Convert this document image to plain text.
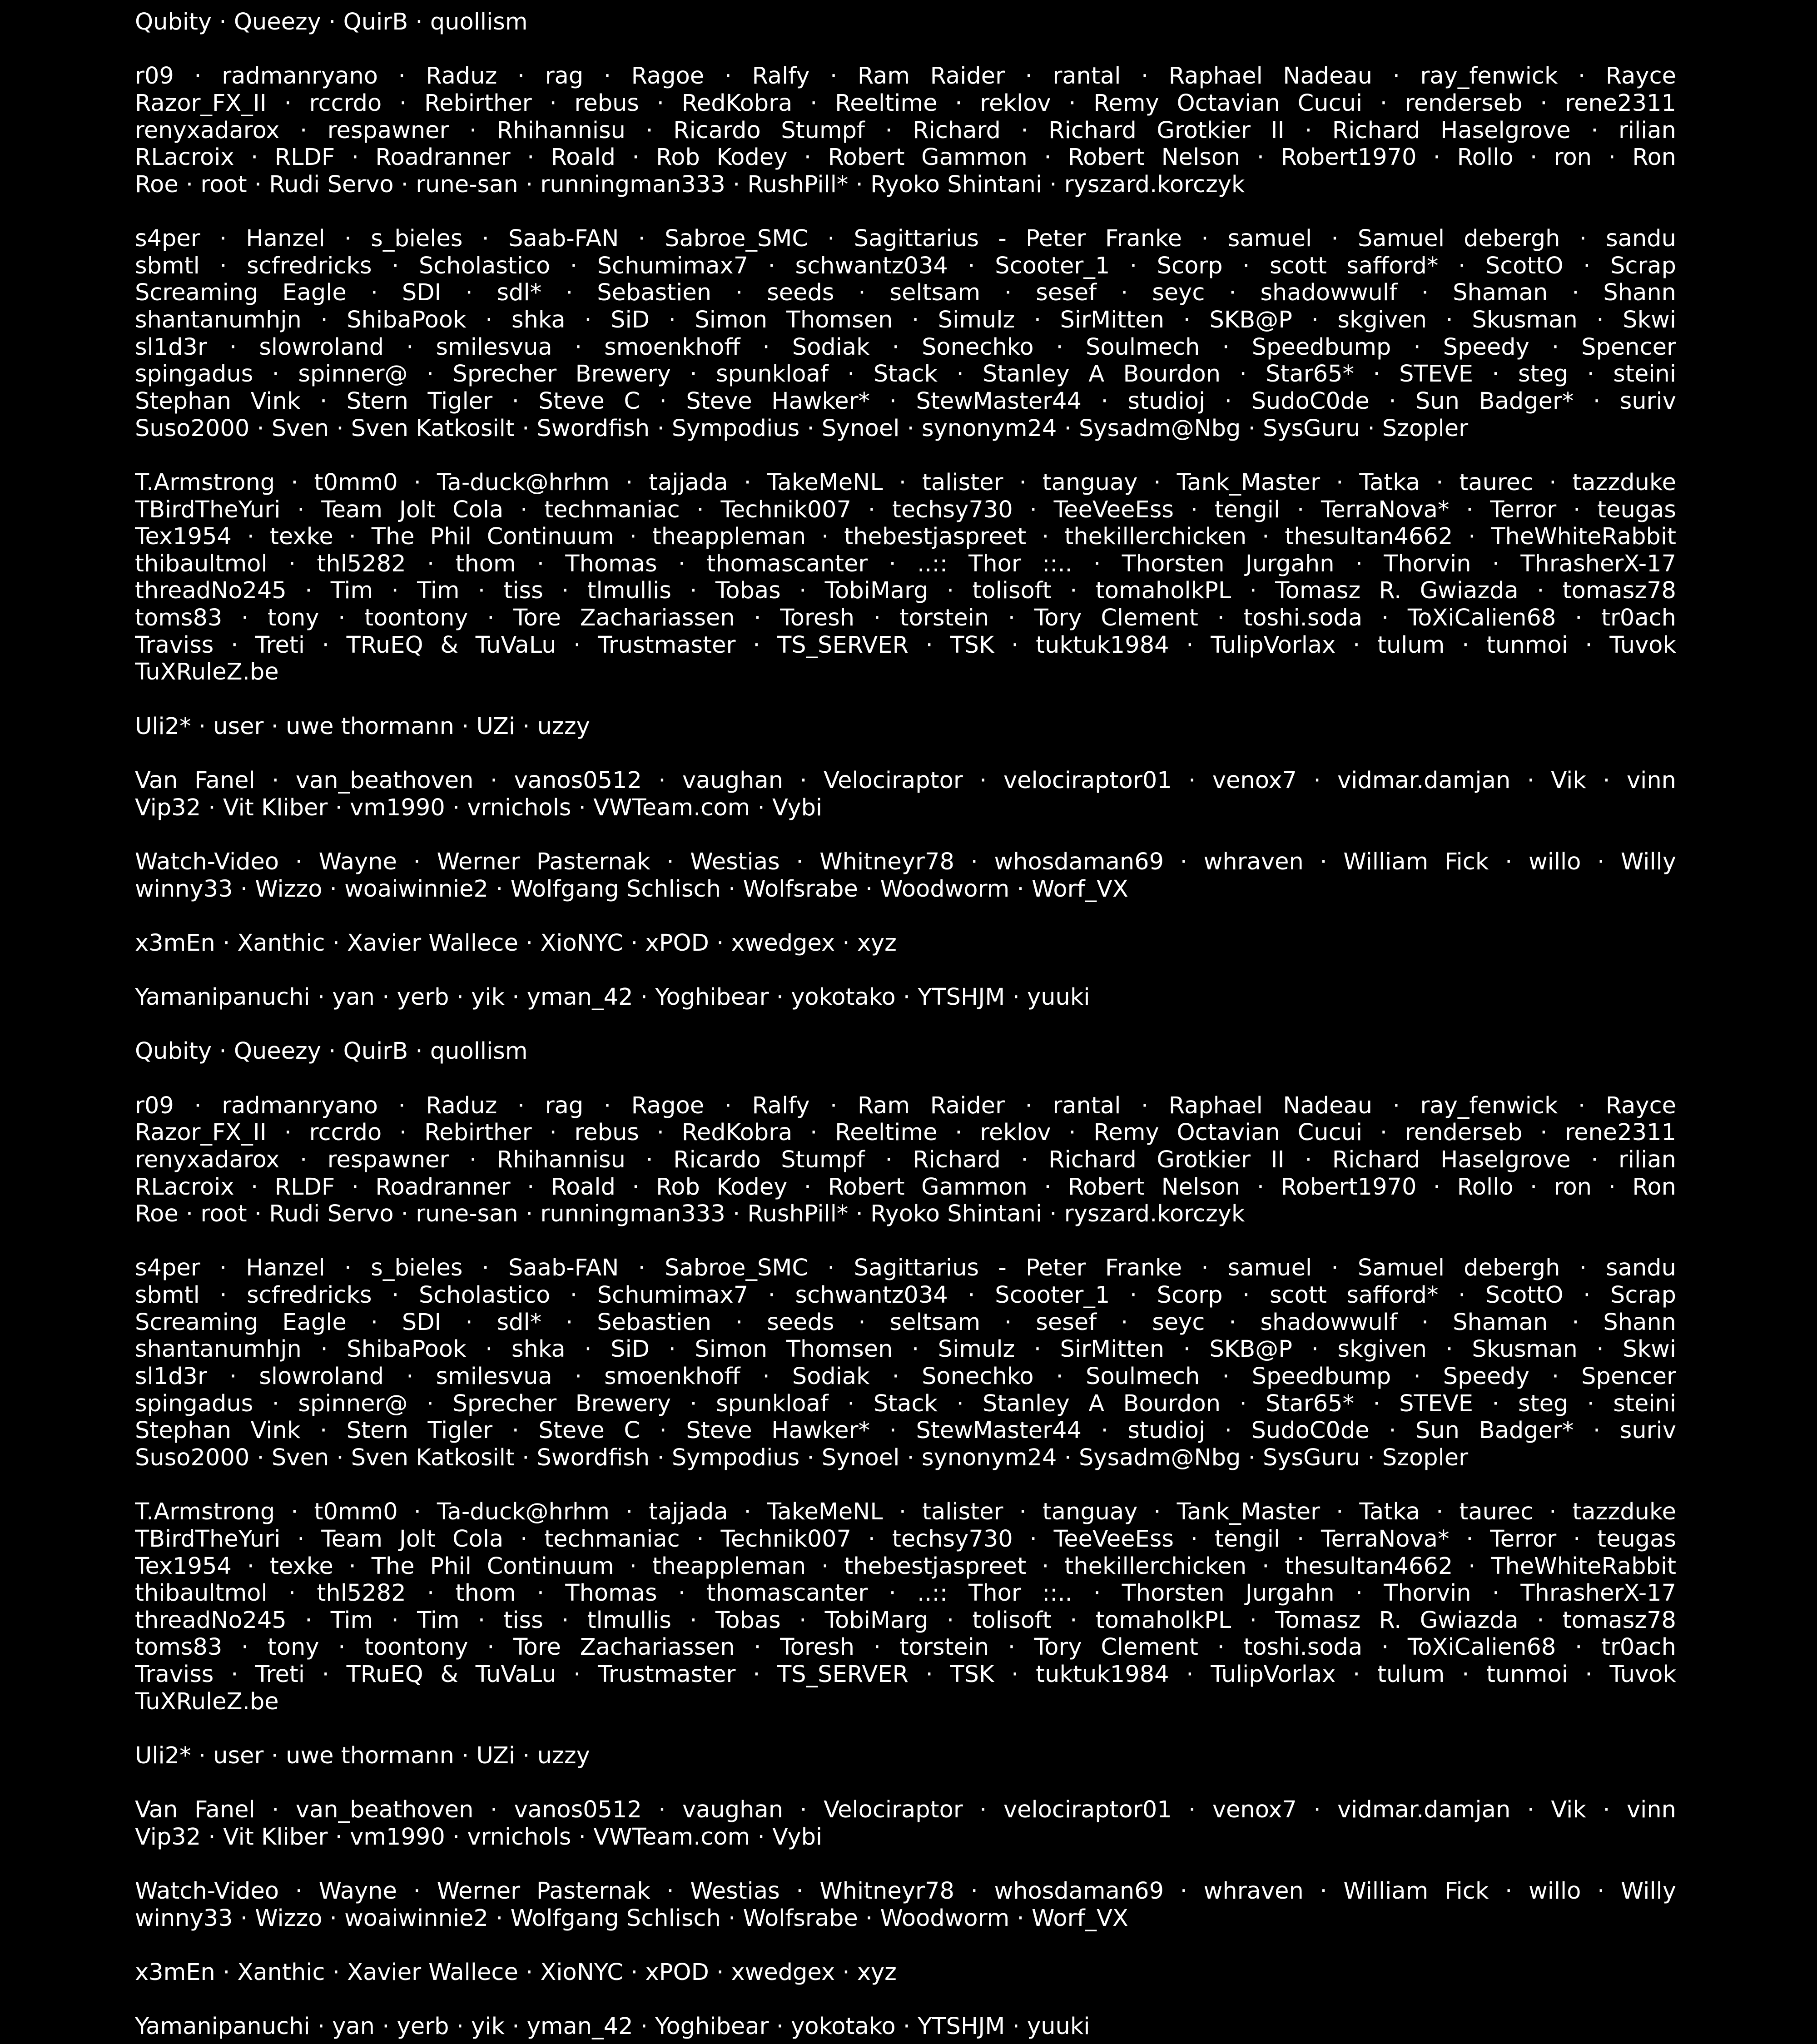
Qubity · Queezy · QuirB · quollism
r09 · radmanryano · Raduz · rag · Ragoe · Ralfy · Ram Raider · rantal · Raphael Nadeau · ray_fenwick · Rayce
Razor_FX_II · rccrdo · Rebirther · rebus · RedKobra · Reeltime · reklov · Remy Octavian Cucui · renderseb · rene2311
renyxadarox · respawner · Rhihannisu · Ricardo Stumpf · Richard · Richard Grotkier II · Richard Haselgrove · rilian
RLacroix · RLDF · Roadranner · Roald · Rob Kodey · Robert Gammon · Robert Nelson · Robert1970 · Rollo · ron · Ron
Roe · root · Rudi Servo · rune-san · runningman333 · RushPill* · Ryoko Shintani · ryszard.korczyk
s4per · Hanzel · s_bieles · Saab-FAN · Sabroe_SMC · Sagittarius - Peter Franke · samuel · Samuel debergh · sandu
sbmtl · scfredricks · Scholastico · Schumimax7 · schwantz034 · Scooter_1 · Scorp · scott safford* · ScottO · Scrap
Screaming Eagle · SDI · sdl* · Sebastien · seeds · seltsam · sesef · seyc · shadowwulf · Shaman · Shann
shantanumhjn · ShibaPook · shka · SiD · Simon Thomsen · Simulz · SirMitten · SKB@P · skgiven · Skusman · Skwi
sl1d3r · slowroland · smilesvua · smoenkhoff · Sodiak · Sonechko · Soulmech · Speedbump · Speedy · Spencer
spingadus · spinner@ · Sprecher Brewery · spunkloaf · Stack · Stanley A Bourdon · Star65* · STEVE · steg · steini
Stephan Vink · Stern Tigler · Steve C · Steve Hawker* · StewMaster44 · studioj · SudoC0de · Sun Badger* · suriv
Suso2000 · Sven · Sven Katkosilt · Swordfish · Sympodius · Synoel · synonym24 · Sysadm@Nbg · SysGuru · Szopler
T.Armstrong · t0mm0 · Ta-duck@hrhm · tajjada · TakeMeNL · talister · tanguay · Tank_Master · Tatka · taurec · tazzduke
TBirdTheYuri · Team Jolt Cola · techmaniac · Technik007 · techsy730 · TeeVeeEss · tengil · TerraNova* · Terror · teugas
Tex1954 · texke · The Phil Continuum · theappleman · thebestjaspreet · thekillerchicken · thesultan4662 · TheWhiteRabbit
thibaultmol · thl5282 · thom · Thomas · thomascanter · ..:: Thor ::.. · Thorsten Jurgahn · Thorvin · ThrasherX-17
threadNo245 · Tim · Tim · tiss · tlmullis · Tobas · TobiMarg · tolisoft · tomaholkPL · Tomasz R. Gwiazda · tomasz78
toms83 · tony · toontony · Tore Zachariassen · Toresh · torstein · Tory Clement · toshi.soda · ToXiCalien68 · tr0ach
Traviss · Treti · TRuEQ & TuVaLu · Trustmaster · TS_SERVER · TSK · tuktuk1984 · TulipVorlax · tulum · tunmoi · Tuvok
TuXRuleZ.be
Uli2* · user · uwe thormann · UZi · uzzy
Van Fanel · van_beathoven · vanos0512 · vaughan · Velociraptor · velociraptor01 · venox7 · vidmar.damjan · Vik · vinn
Vip32 · Vit Kliber · vm1990 · vrnichols · VWTeam.com · Vybi
Watch-Video · Wayne · Werner Pasternak · Westias · Whitneyr78 · whosdaman69 · whraven · William Fick · willo · Willy
winny33 · Wizzo · woaiwinnie2 · Wolfgang Schlisch · Wolfsrabe · Woodworm · Worf_VX
x3mEn · Xanthic · Xavier Wallece · XioNYC · xPOD · xwedgex · xyz
Yamanipanuchi · yan · yerb · yik · yman_42 · Yoghibear · yokotako · YTSHJM · yuuki
Qubity · Queezy · QuirB · quollism
r09 · radmanryano · Raduz · rag · Ragoe · Ralfy · Ram Raider · rantal · Raphael Nadeau · ray_fenwick · Rayce
Razor_FX_II · rccrdo · Rebirther · rebus · RedKobra · Reeltime · reklov · Remy Octavian Cucui · renderseb · rene2311
renyxadarox · respawner · Rhihannisu · Ricardo Stumpf · Richard · Richard Grotkier II · Richard Haselgrove · rilian
RLacroix · RLDF · Roadranner · Roald · Rob Kodey · Robert Gammon · Robert Nelson · Robert1970 · Rollo · ron · Ron
Roe · root · Rudi Servo · rune-san · runningman333 · RushPill* · Ryoko Shintani · ryszard.korczyk
s4per · Hanzel · s_bieles · Saab-FAN · Sabroe_SMC · Sagittarius - Peter Franke · samuel · Samuel debergh · sandu
sbmtl · scfredricks · Scholastico · Schumimax7 · schwantz034 · Scooter_1 · Scorp · scott safford* · ScottO · Scrap
Screaming Eagle · SDI · sdl* · Sebastien · seeds · seltsam · sesef · seyc · shadowwulf · Shaman · Shann
shantanumhjn · ShibaPook · shka · SiD · Simon Thomsen · Simulz · SirMitten · SKB@P · skgiven · Skusman · Skwi
sl1d3r · slowroland · smilesvua · smoenkhoff · Sodiak · Sonechko · Soulmech · Speedbump · Speedy · Spencer
spingadus · spinner@ · Sprecher Brewery · spunkloaf · Stack · Stanley A Bourdon · Star65* · STEVE · steg · steini
Stephan Vink · Stern Tigler · Steve C · Steve Hawker* · StewMaster44 · studioj · SudoC0de · Sun Badger* · suriv
Suso2000 · Sven · Sven Katkosilt · Swordfish · Sympodius · Synoel · synonym24 · Sysadm@Nbg · SysGuru · Szopler
T.Armstrong · t0mm0 · Ta-duck@hrhm · tajjada · TakeMeNL · talister · tanguay · Tank_Master · Tatka · taurec · tazzduke
TBirdTheYuri · Team Jolt Cola · techmaniac · Technik007 · techsy730 · TeeVeeEss · tengil · TerraNova* · Terror · teugas
Tex1954 · texke · The Phil Continuum · theappleman · thebestjaspreet · thekillerchicken · thesultan4662 · TheWhiteRabbit
thibaultmol · thl5282 · thom · Thomas · thomascanter · ..:: Thor ::.. · Thorsten Jurgahn · Thorvin · ThrasherX-17
threadNo245 · Tim · Tim · tiss · tlmullis · Tobas · TobiMarg · tolisoft · tomaholkPL · Tomasz R. Gwiazda · tomasz78
toms83 · tony · toontony · Tore Zachariassen · Toresh · torstein · Tory Clement · toshi.soda · ToXiCalien68 · tr0ach
Traviss · Treti · TRuEQ & TuVaLu · Trustmaster · TS_SERVER · TSK · tuktuk1984 · TulipVorlax · tulum · tunmoi · Tuvok
TuXRuleZ.be
Uli2* · user · uwe thormann · UZi · uzzy
Van Fanel · van_beathoven · vanos0512 · vaughan · Velociraptor · velociraptor01 · venox7 · vidmar.damjan · Vik · vinn
Vip32 · Vit Kliber · vm1990 · vrnichols · VWTeam.com · Vybi
Watch-Video · Wayne · Werner Pasternak · Westias · Whitneyr78 · whosdaman69 · whraven · William Fick · willo · Willy
winny33 · Wizzo · woaiwinnie2 · Wolfgang Schlisch · Wolfsrabe · Woodworm · Worf_VX
x3mEn · Xanthic · Xavier Wallece · XioNYC · xPOD · xwedgex · xyz
Yamanipanuchi · yan · yerb · yik · yman_42 · Yoghibear · yokotako · YTSHJM · yuuki
